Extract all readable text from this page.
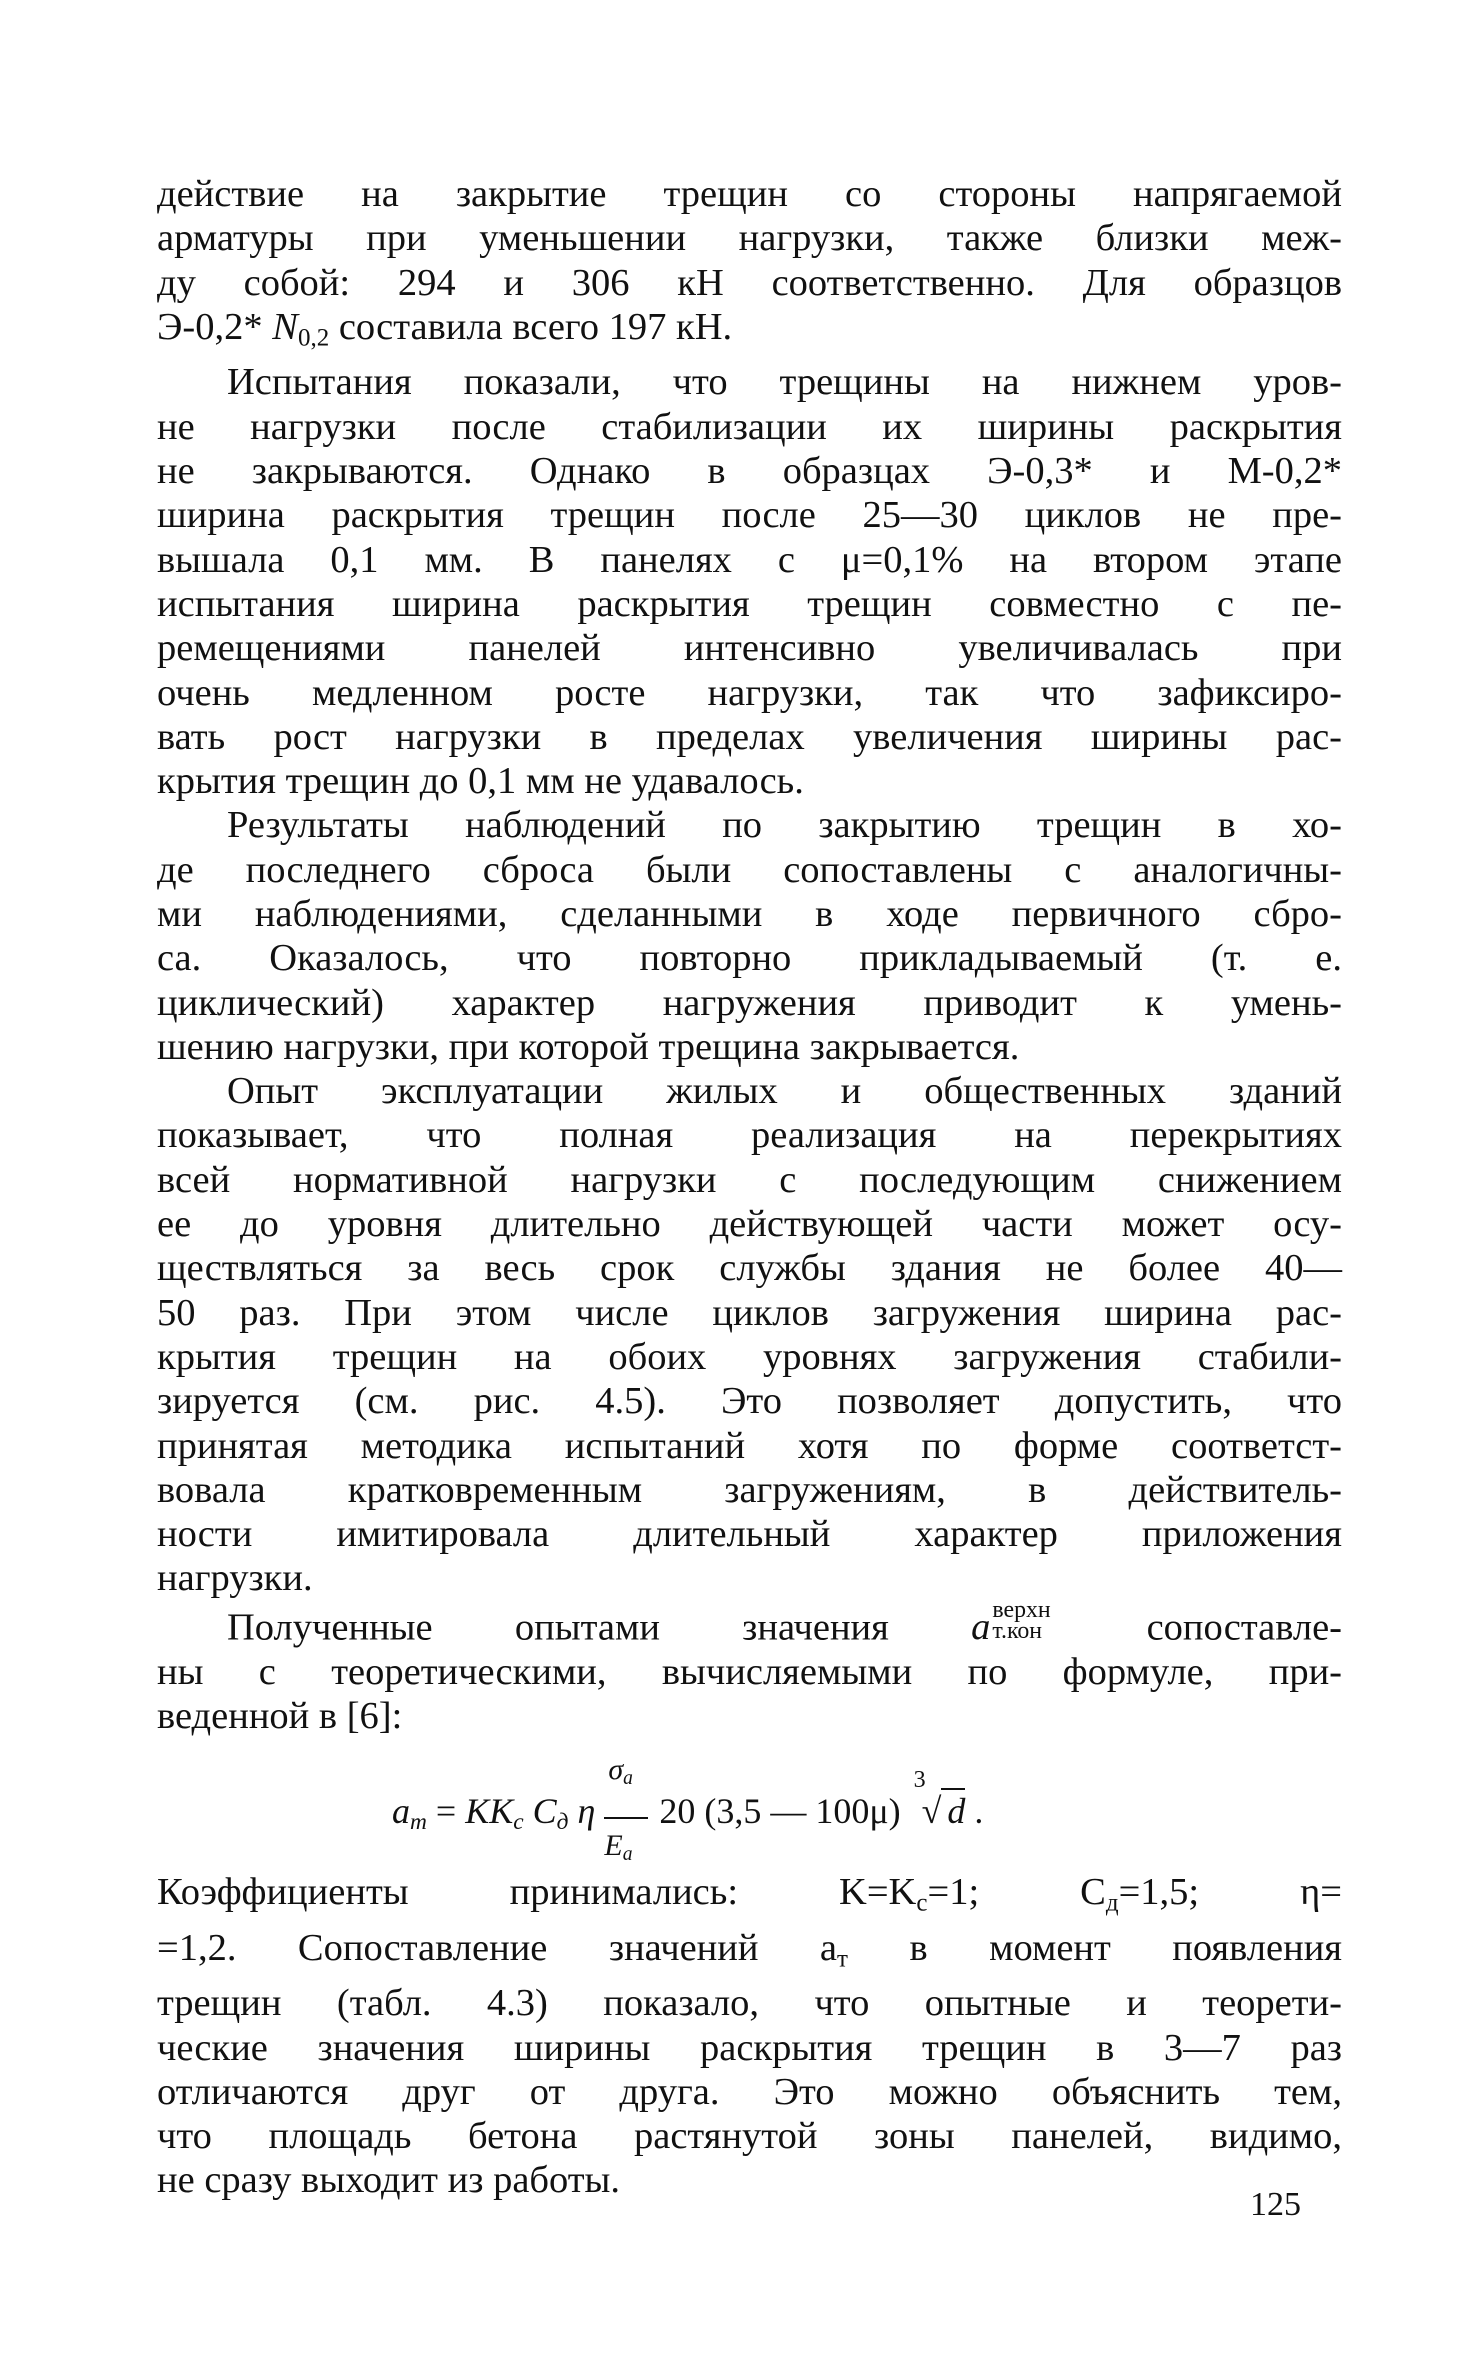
действие на закрытие трещин со стороны напрягаемой
арматуры при уменьшении нагрузки, также близки меж-
ду собой: 294 и 306 кН соответственно. Для образцов
Э-0,2* $N_{0,2}$ составила всего 197 кН.
Испытания показали, что трещины на нижнем уров-
не нагрузки после стабилизации их ширины раскрытия
не закрываются. Однако в образцах Э-0,3* и М-0,2*
ширина раскрытия трещин после 25—30 циклов не пре-
вышала 0,1 мм. В панелях с μ=0,1% на втором этапе
испытания ширина раскрытия трещин совместно с пе-
ремещениями панелей интенсивно увеличивалась при
очень медленном росте нагрузки, так что зафиксиро-
вать рост нагрузки в пределах увеличения ширины рас-
крытия трещин до 0,1 мм не удавалось.
Результаты наблюдений по закрытию трещин в хо-
де последнего сброса были сопоставлены с аналогичны-
ми наблюдениями, сделанными в ходе первичного сбро-
са. Оказалось, что повторно прикладываемый (т. е.
циклический) характер нагружения приводит к умень-
шению нагрузки, при которой трещина закрывается.
Опыт эксплуатации жилых и общественных зданий
показывает, что полная реализация на перекрытиях
всей нормативной нагрузки с последующим снижением
ее до уровня длительно действующей части может осу-
ществляться за весь срок службы здания не более 40—
50 раз. При этом числе циклов загружения ширина рас-
крытия трещин на обоих уровнях загружения стабили-
зируется (см. рис. 4.5). Это позволяет допустить, что
принятая методика испытаний хотя по форме соответст-
вовала кратковременным загружениям, в действитель-
ности имитировала длительный характер приложения
нагрузки.
Полученные опытами значения a верхн
т.кон	сопоставле-
ны с теоретическими, вычисляемыми по формуле, при-
веденной в [6]:
$a_т = KK_с$ $C_д$ η $\frac{\sigma_а}{E_а} 20$ (3,5 — 100μ) $^3$√ d .
Коэффициенты принимались: $K=K_с=1$; $C_д=1,5$; η=
=1,2. Сопоставление значений $a_т$ в момент появления
трещин (табл. 4.3) показало, что опытные и теорети-
ческие значения ширины раскрытия трещин в 3—7 раз
отличаются друг от друга. Это можно объяснить тем,
что площадь бетона растянутой зоны панелей, видимо,
не сразу выходит из работы.
125
